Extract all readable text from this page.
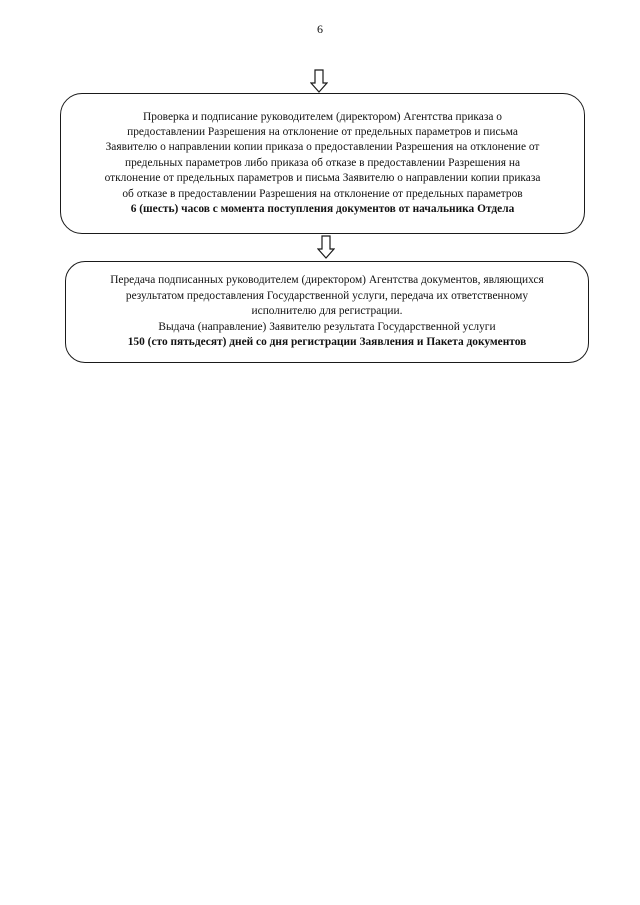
6
Проверка и подписание руководителем (директором) Агентства приказа о
предоставлении Разрешения на отклонение от предельных параметров и письма
Заявителю о направлении копии приказа о предоставлении Разрешения на отклонение от
предельных параметров либо приказа об отказе в предоставлении Разрешения на
отклонение от предельных параметров и письма Заявителю о направлении копии приказа
об отказе в предоставлении Разрешения на отклонение от предельных параметров
6 (шесть) часов с момента поступления документов от начальника Отдела
Передача подписанных руководителем (директором) Агентства документов, являющихся
результатом предоставления Государственной услуги, передача их ответственному
исполнителю для регистрации.
Выдача (направление) Заявителю результата Государственной услуги
150 (сто пятьдесят) дней со дня регистрации Заявления и Пакета документов
